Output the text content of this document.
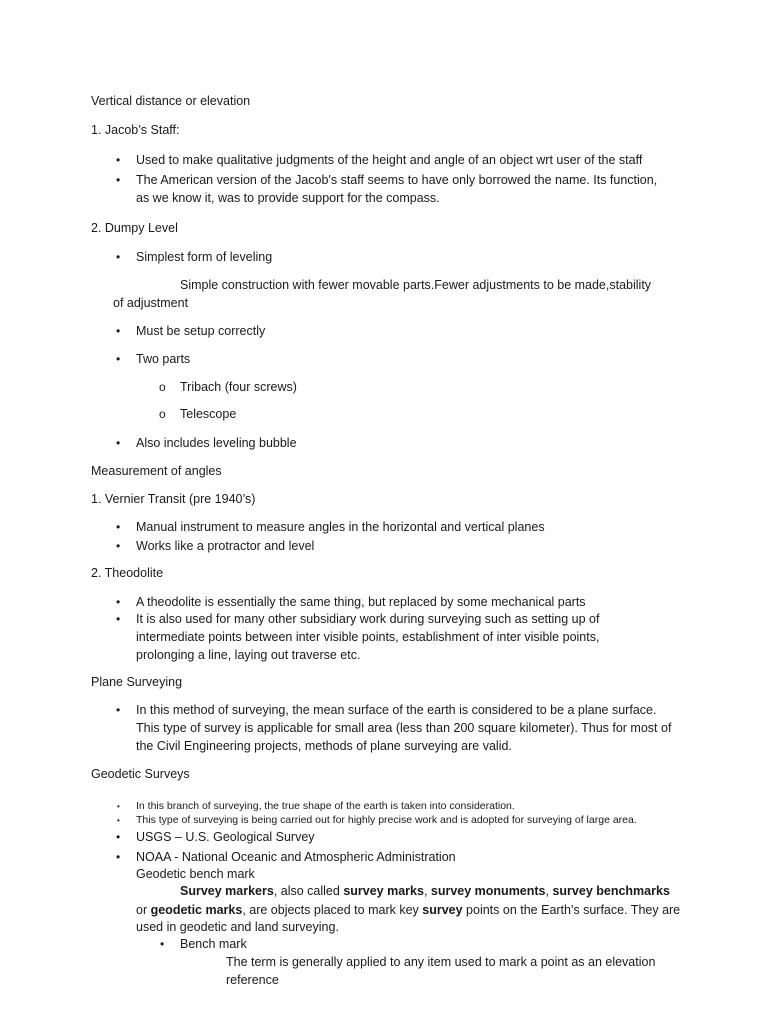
Vertical distance or elevation
1. Jacob’s Staff:
• Used to make qualitative judgments of the height and angle of an object wrt user of the staff
• The American version of the Jacob's staff seems to have only borrowed the name. Its function,
as we know it, was to provide support for the compass.
2. Dumpy Level
• Simplest form of leveling
Simple construction with fewer movable parts.Fewer adjustments to be made,stability
of adjustment
• Must be setup correctly
• Two parts
o Tribach (four screws)
o Telescope
• Also includes leveling bubble
Measurement of angles
1. Vernier Transit (pre 1940’s)
• Manual instrument to measure angles in the horizontal and vertical planes
• Works like a protractor and level
2. Theodolite
• A theodolite is essentially the same thing, but replaced by some mechanical parts
• It is also used for many other subsidiary work during surveying such as setting up of
intermediate points between inter visible points, establishment of inter visible points,
prolonging a line, laying out traverse etc.
Plane Surveying
• In this method of surveying, the mean surface of the earth is considered to be a plane surface.
This type of survey is applicable for small area (less than 200 square kilometer). Thus for most of
the Civil Engineering projects, methods of plane surveying are valid.
Geodetic Surveys
• In this branch of surveying, the true shape of the earth is taken into consideration.
• This type of surveying is being carried out for highly precise work and is adopted for surveying of large area.
• USGS – U.S. Geological Survey
• NOAA - National Oceanic and Atmospheric Administration
Geodetic bench mark
Survey markers, also called survey marks, survey monuments, survey benchmarks
or geodetic marks, are objects placed to mark key survey points on the Earth's surface. They are
used in geodetic and land surveying.
• Bench mark
The term is generally applied to any item used to mark a point as an elevation
reference
